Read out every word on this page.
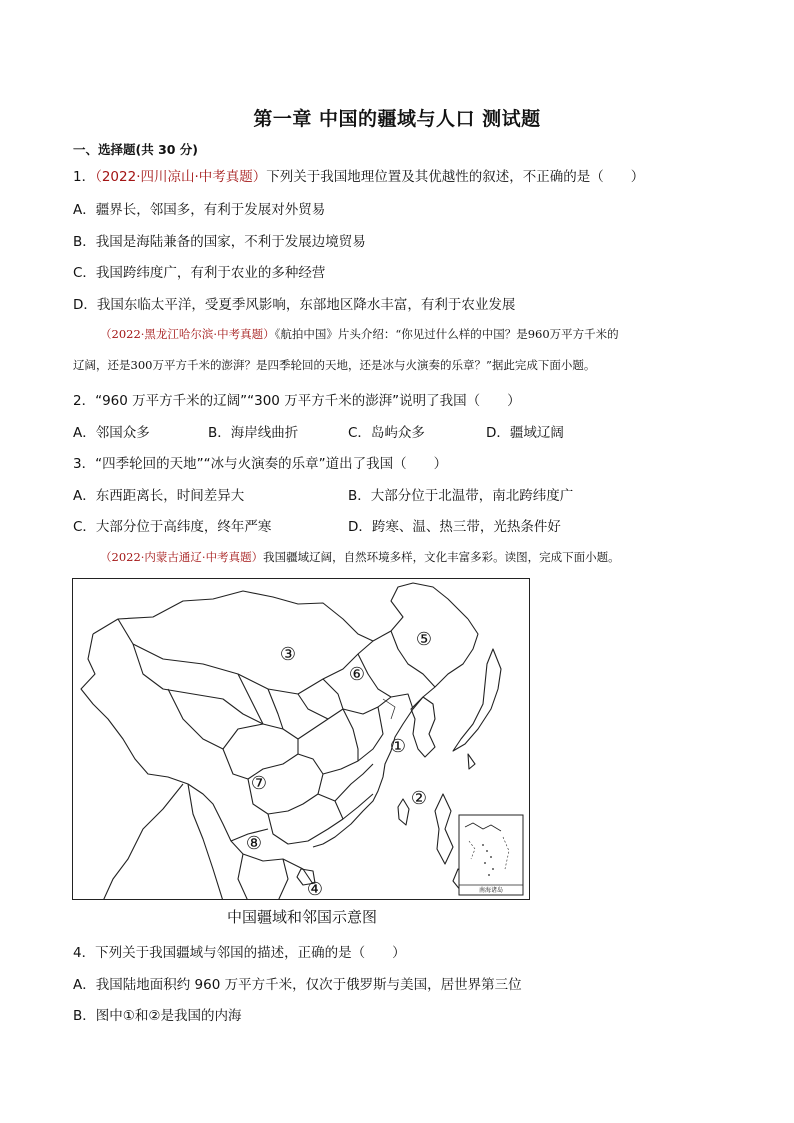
第一章 中国的疆域与人口 测试题
一、选择题(共 30 分)
1．（2022·四川凉山·中考真题）下列关于我国地理位置及其优越性的叙述，不正确的是（　　）
A．疆界长，邻国多，有利于发展对外贸易
B．我国是海陆兼备的国家，不利于发展边境贸易
C．我国跨纬度广，有利于农业的多种经营
D．我国东临太平洋，受夏季风影响，东部地区降水丰富，有利于农业发展
（2022·黑龙江哈尔滨·中考真题）《航拍中国》片头介绍：“你见过什么样的中国？是960万平方千米的
辽阔，还是300万平方千米的澎湃？是四季轮回的天地，还是冰与火演奏的乐章？”据此完成下面小题。
2．“960 万平方千米的辽阔”“300 万平方千米的澎湃”说明了我国（　　）
A．邻国众多	B．海岸线曲折	C．岛屿众多	D．疆域辽阔
3．“四季轮回的天地”“冰与火演奏的乐章”道出了我国（　　）
A．东西距离长，时间差异大	B．大部分位于北温带，南北跨纬度广
C．大部分位于高纬度，终年严寒	D．跨寒、温、热三带，光热条件好
（2022·内蒙古通辽·中考真题）我国疆域辽阔，自然环境多样，文化丰富多彩。读图，完成下面小题。
③
⑤
⑥
①
②
⑦
⑧
④	南海诸岛
中国疆域和邻国示意图
4．下列关于我国疆域与邻国的描述，正确的是（　　）
A．我国陆地面积约 960 万平方千米，仅次于俄罗斯与美国，居世界第三位
B．图中①和②是我国的内海
